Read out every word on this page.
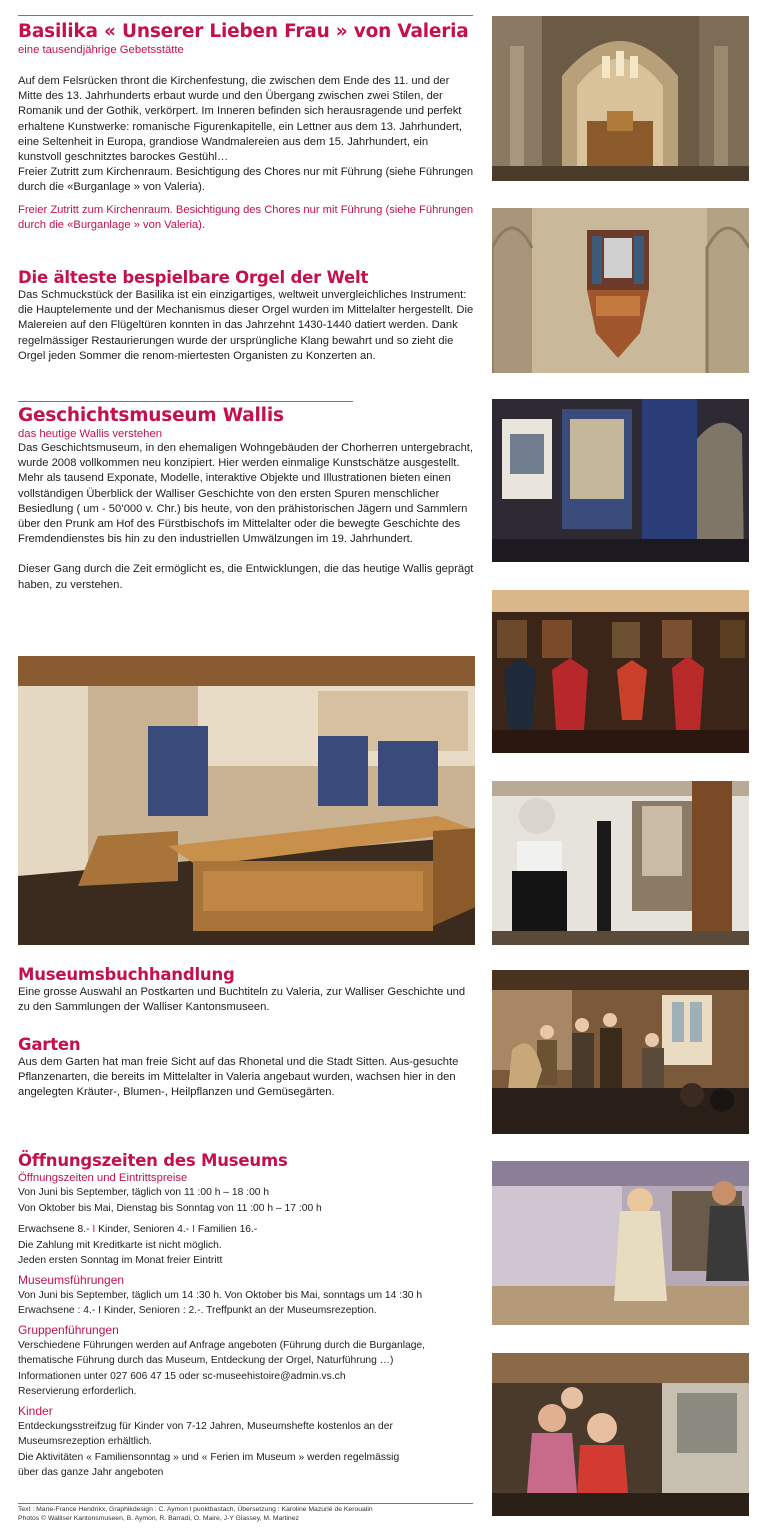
Basilika « Unserer Lieben Frau » von Valeria
eine tausendjährige Gebetsstätte

Auf dem Felsrücken thront die Kirchenfestung, die zwischen dem Ende des 11. und der Mitte des 13. Jahrhunderts erbaut wurde und den Übergang zwischen zwei Stilen, der Romanik und der Gothik, verkörpert. Im Inneren befinden sich herausragende und perfekt erhaltene Kunstwerke: romanische Figurenkapitelle, ein Lettner aus dem 13. Jahrhundert, eine Seltenheit in Europa, grandiose Wandmalereien aus dem 15. Jahrhundert, ein kunstvoll geschnitztes barockes Gestühl…

Freier Zutritt zum Kirchenraum. Besichtigung des Chores nur mit Führung (siehe Führungen durch die «Burganlage » von Valeria).

Freier Zutritt zum Kirchenraum. Besichtigung des Chores nur mit Führung (siehe Führungen durch die «Burganlage » von Valeria).

Die älteste bespielbare Orgel der Welt

Das Schmuckstück der Basilika ist ein einzigartiges, weltweit unvergleichliches Instrument: die Hauptelemente und der Mechanismus dieser Orgel wurden im Mittelalter hergestellt. Die Malereien auf den Flügeltüren konnten in das Jahrzehnt 1430-1440 datiert werden. Dank regelmässiger Restaurierungen wurde der ursprüngliche Klang bewahrt und so zieht die Orgel jeden Sommer die renom-miertesten Organisten zu Konzerten an.

Geschichtsmuseum Wallis
das heutige Wallis verstehen

Das Geschichtsmuseum, in den ehemaligen Wohngebäuden der Chorherren untergebracht, wurde 2008 vollkommen neu konzipiert. Hier werden einmalige Kunstschätze ausgestellt.

Mehr als tausend Exponate, Modelle, interaktive Objekte und Illustrationen bieten einen vollständigen Überblick der Walliser Geschichte von den ersten Spuren menschlicher Besiedlung ( um - 50’000 v. Chr.) bis heute, von den prähistorischen Jägern und Sammlern über den Prunk am Hof des Fürstbischofs im Mittelalter oder die bewegte Geschichte des Fremdendienstes bis hin zu den industriellen Umwälzungen im 19. Jahrhundert.

Dieser Gang durch die Zeit ermöglicht es, die Entwicklungen, die das heutige Wallis geprägt haben, zu verstehen.

Museumsbuchhandlung

Eine grosse Auswahl an Postkarten und Buchtiteln zu Valeria, zur Walliser Geschichte und zu den Sammlungen der Walliser Kantonsmuseen.

Garten

Aus dem Garten hat man freie Sicht auf das Rhonetal und die Stadt Sitten. Aus-gesuchte Pflanzenarten, die bereits im Mittelalter in Valeria angebaut wurden, wachsen hier in den angelegten Kräuter-, Blumen-, Heilpflanzen und Gemüsegärten.

Öffnungszeiten des Museums
Öffnungszeiten und Eintrittspreise

Von Juni bis September, täglich von 11 :00 h – 18 :00 h

Von Oktober bis Mai, Dienstag bis Sonntag von 11 :00 h – 17 :00 h

Erwachsene 8.- I Kinder, Senioren 4.- I Familien 16.-

Die Zahlung mit Kreditkarte ist nicht möglich.

Jeden ersten Sonntag im Monat freier Eintritt

Museumsführungen

Von Juni bis September, täglich um 14 :30 h. Von Oktober bis Mai, sonntags um 14 :30 h

Erwachsene : 4.- I Kinder, Senioren : 2.-. Treffpunkt an der Museumsrezeption.

Gruppenführungen

Verschiedene Führungen werden auf Anfrage angeboten (Führung durch die Burganlage,

thematische Führung durch das Museum, Entdeckung der Orgel, Naturführung …)

Informationen unter 027 606 47 15 oder sc-museehistoire@admin.vs.ch

Reservierung erforderlich.

Kinder

Entdeckungsstreifzug für Kinder von 7-12 Jahren, Museumshefte kostenlos an der

Museumsrezeption erhältlich.

Die Aktivitäten « Familiensonntag » und « Ferien im Museum » werden regelmässig

über das ganze Jahr angeboten

Text : Marie-France Hendrikx, Graphikdesign : C. Aymon l punktbastach, Übersetzung : Karoline Mazurié de Keroualin
Photos © Walliser Kantonsmuseen, B. Aymon, R. Barradi, O. Maire, J-Y Glassey, M. Martinez
